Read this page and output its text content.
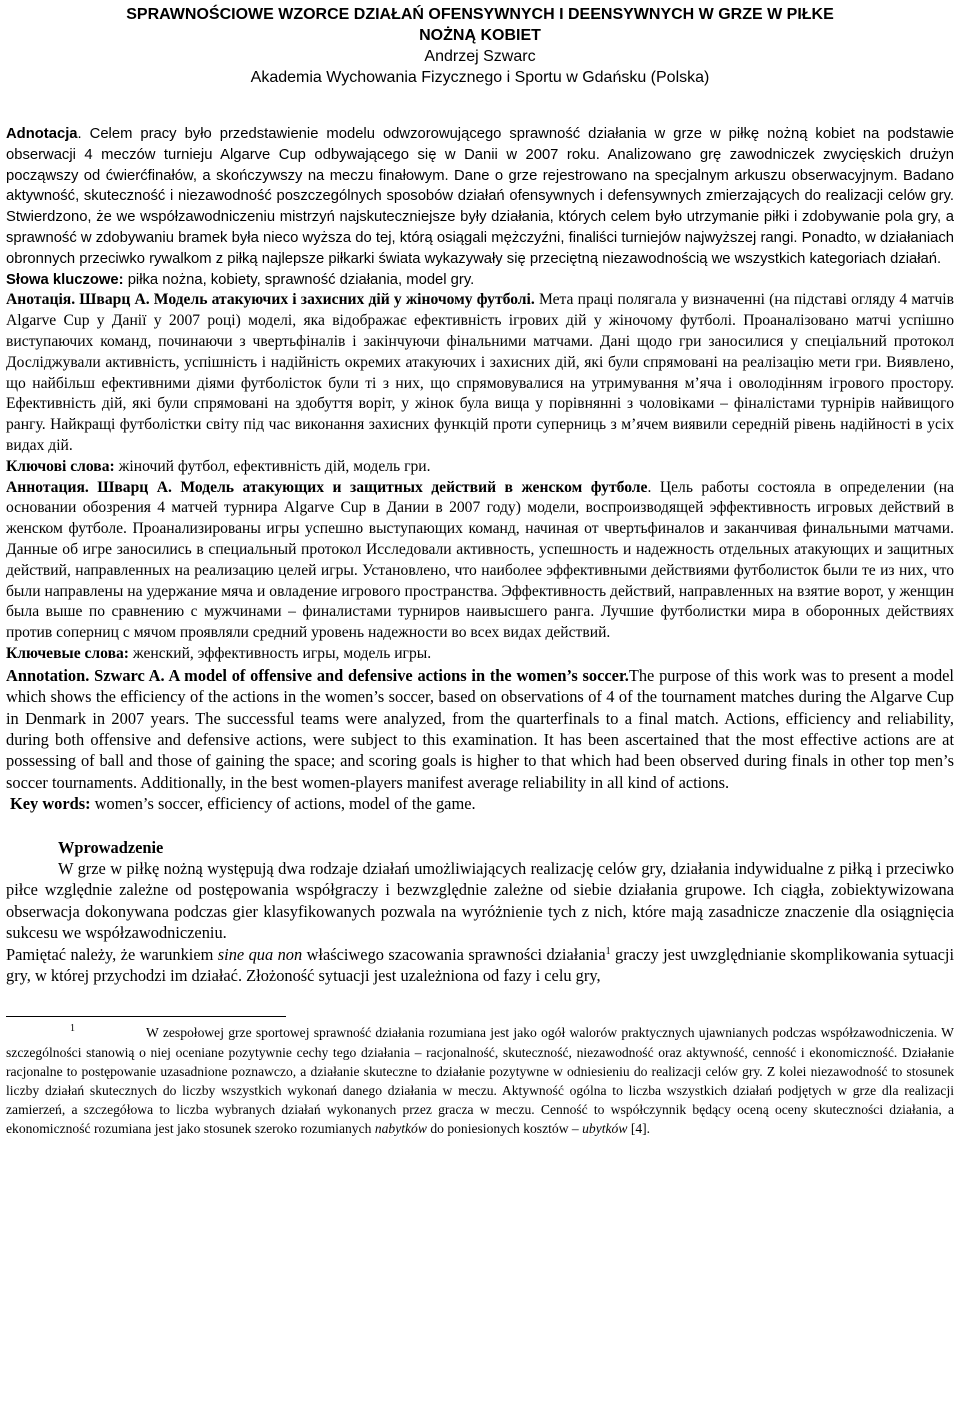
SPRAWNOŚCIOWE WZORCE DZIAŁAŃ OFENSYWNYCH I DEENSYWNYCH W GRZE W PIŁKE

NOŻNĄ KOBIET

Andrzej Szwarc

Akademia Wychowania Fizycznego i Sportu w Gdańsku (Polska)

Adnotacja. Celem pracy było przedstawienie modelu odwzorowującego sprawność działania w grze w piłkę nożną kobiet na podstawie obserwacji 4 meczów turnieju Algarve Cup odbywającego się w Danii w 2007 roku. Analizowano grę zawodniczek zwycięskich drużyn począwszy od ćwierćfinałów, a skończywszy na meczu finałowym. Dane o grze rejestrowano na specjalnym arkuszu obserwacyjnym. Badano aktywność, skuteczność i niezawodność poszczególnych sposobów działań ofensywnych i defensywnych zmierzających do realizacji celów gry. Stwierdzono, że we współzawodniczeniu mistrzyń najskuteczniejsze były działania, których celem było utrzymanie piłki i zdobywanie pola gry, a sprawność w zdobywaniu bramek była nieco wyższa do tej, którą osiągali mężczyźni, finaliści turniejów najwyższej rangi. Ponadto, w działaniach obronnych przeciwko rywalkom z piłką najlepsze piłkarki świata wykazywały się przeciętną niezawodnością we wszystkich kategoriach działań.

Słowa kluczowe: piłka nożna, kobiety, sprawność działania, model gry.

Анотація. Шварц А. Модель атакуючих і захисних дій у жіночому футболі. Мета праці полягала у визначенні (на підставі огляду 4 матчів Algarve Cup у Данії у 2007 році) моделі, яка відображає ефективність ігрових дій у жіночому футболі. Проаналізовано матчі успішно виступаючих команд, починаючи з чвертьфіналів і закінчуючи фінальними матчами. Дані щодо гри заносилися у спеціальний протокол Досліджували активність, успішність і надійність окремих атакуючих і захисних дій, які були спрямовані на реалізацію мети гри. Виявлено, що найбільш ефективними діями футболісток були ті з них, що спрямовувалися на утримування м’яча і оволодінням ігрового простору. Ефективність дій, які були спрямовані на здобуття воріт, у жінок була вища у порівнянні з чоловіками – фіналістами турнірів найвищого рангу. Найкращі футболістки світу під час виконання захисних функцій проти суперниць з м’ячем виявили середній рівень надійності в усіх видах дій.

Ключові слова: жіночий футбол, ефективність дій, модель гри.

Аннотация. Шварц А. Модель атакующих и защитных действий в женском футболе. Цель работы состояла в определении (на основании обозрения 4 матчей турнира Algarve Cup в Дании в 2007 году) модели, воспроизводящей эффективность игровых действий в женском футболе. Проанализированы игры успешно выступающих команд, начиная от чвертьфиналов и заканчивая финальными матчами. Данные об игре заносились в специальный протокол Исследовали активность, успешность и надежность отдельных атакующих и защитных действий, направленных на реализацию целей игры. Установлено, что наиболее эффективными действиями футболисток были те из них, что были направлены на удержание мяча и овладение игрового пространства. Эффективность действий, направленных на взятие ворот, у женщин была выше по сравнению с мужчинами – финалистами турниров наивысшего ранга. Лучшие футболистки мира в оборонных действиях против соперниц с мячом проявляли средний уровень надежности во всех видах действий.

Ключевые слова: женский, эффективность игры, модель игры.

Annotation. Szwarc A. A model of offensive and defensive actions in the women’s soccer.The purpose of this work was to present a model which shows the efficiency of the actions in the women’s soccer, based on observations of 4 of the tournament matches during the Algarve Cup in Denmark in 2007 years. The successful teams were analyzed, from the quarterfinals to a final match. Actions, efficiency and reliability, during both offensive and defensive actions, were subject to this examination. It has been ascertained that the most effective actions are at possessing of ball and those of gaining the space; and scoring goals is higher to that which had been observed during finals in other top men’s soccer tournaments. Additionally, in the best women-players manifest average reliability in all kind of actions.

Key words: women’s soccer, efficiency of actions, model of the game.

Wprowadzenie

W grze w piłkę nożną występują dwa rodzaje działań umożliwiających realizację celów gry, działania indywidualne z piłką i przeciwko piłce względnie zależne od postępowania współgraczy i bezwzględnie zależne od siebie działania grupowe. Ich ciągła, zobiektywizowana obserwacja dokonywana podczas gier klasyfikowanych pozwala na wyróżnienie tych z nich, które mają zasadnicze znaczenie dla osiągnięcia sukcesu we współzawodniczeniu.

Pamiętać należy, że warunkiem sine qua non właściwego szacowania sprawności działania$^1$ graczy jest uwzględnianie skomplikowania sytuacji gry, w której przychodzi im działać. Złożoność sytuacji jest uzależniona od fazy i celu gry,

1	W zespołowej grze sportowej sprawność działania rozumiana jest jako ogół walorów praktycznych ujawnianych podczas współzawodniczenia. W szczególności stanowią o niej oceniane pozytywnie cechy tego działania – racjonalność, skuteczność, niezawodność oraz aktywność, cenność i ekonomiczność. Działanie racjonalne to postępowanie uzasadnione poznawczo, a działanie skuteczne to działanie pozytywne w odniesieniu do realizacji celów gry. Z kolei niezawodność to stosunek liczby działań skutecznych do liczby wszystkich wykonań danego działania w meczu. Aktywność ogólna to liczba wszystkich działań podjętych w grze dla realizacji zamierzeń, a szczegółowa to liczba wybranych działań wykonanych przez gracza w meczu. Cenność to współczynnik będący oceną oceny skuteczności działania, a ekonomiczność rozumiana jest jako stosunek szeroko rozumianych nabytków do poniesionych kosztów – ubytków [4].
